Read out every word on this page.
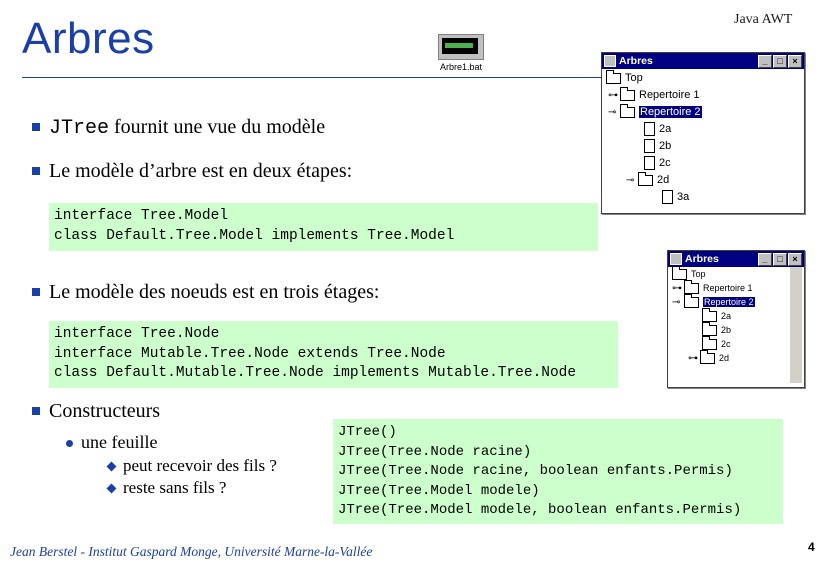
Arbres	Java AWT
Arbre1.bat
JTree fournit une vue du modèle
Le modèle d’arbre est en deux étapes:
interface Tree.Model
class Default.Tree.Model implements Tree.Model
Le modèle des noeuds est en trois étages:
interface Tree.Node
interface Mutable.Tree.Node extends Tree.Node
class Default.Mutable.Tree.Node implements Mutable.Tree.Node
Constructeurs
une feuille
peut recevoir des fils ?
reste sans fils ?
JTree()
JTree(Tree.Node racine)
JTree(Tree.Node racine, boolean enfants.Permis)
JTree(Tree.Model modele)
JTree(Tree.Model modele, boolean enfants.Permis)
Arbres	_	□	×
Top
⊶ Repertoire 1
⊸ Repertoire 2
2a
2b
2c
⊸ 2d
3a
Arbres	_	□	×
Top
⊶ Repertoire 1
⊸	Repertoire 2
2a
2b
2c
⊶ 2d
Jean Berstel - Institut Gaspard Monge, Université Marne-la-Vallée	4
